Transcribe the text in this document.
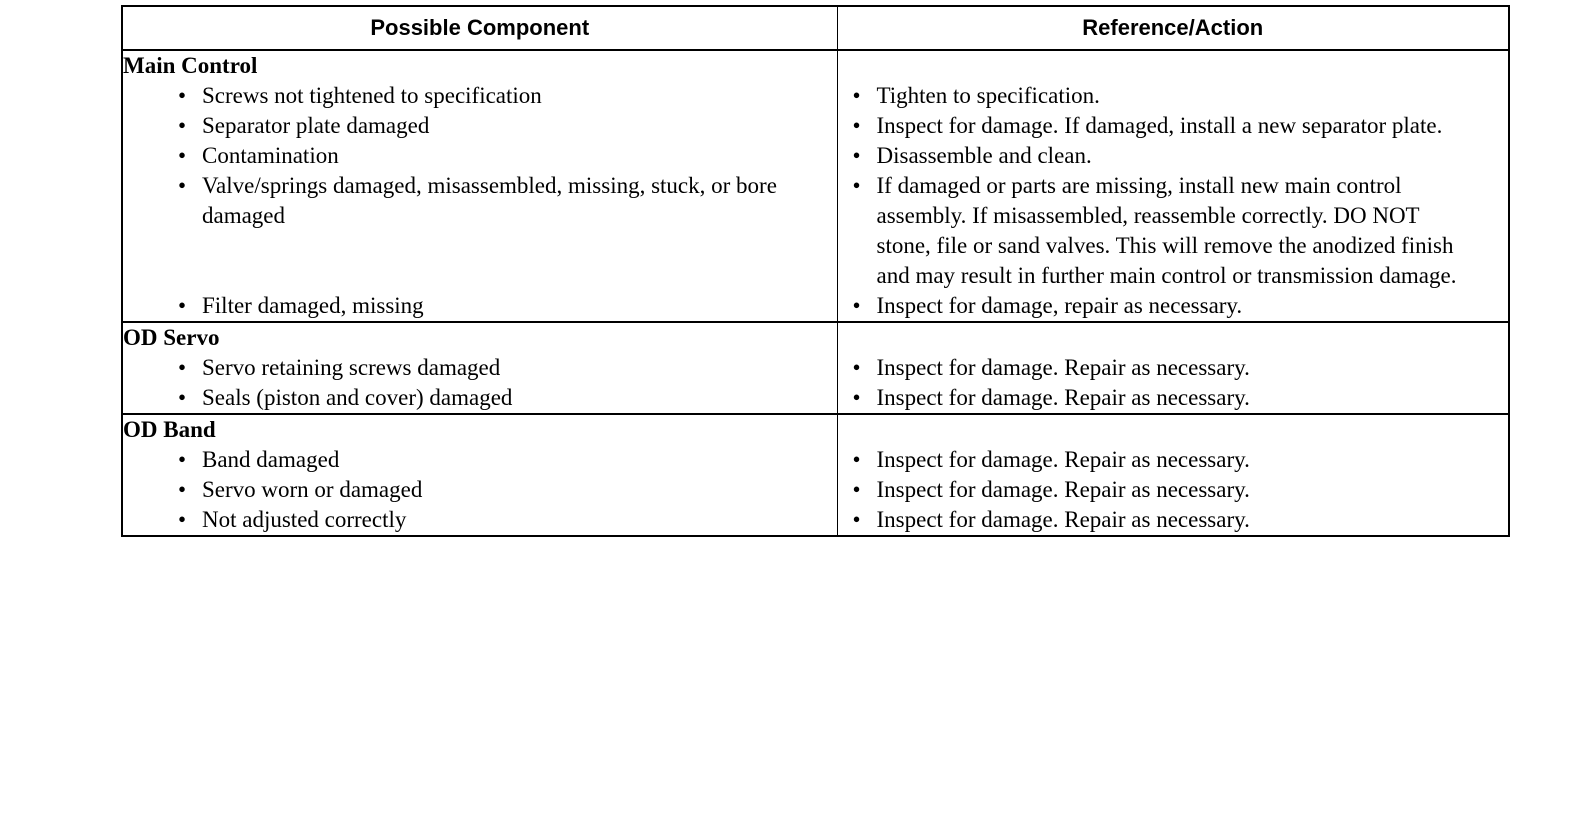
Possible Component	Reference/Action
Main Control	

• Screws not tightened to specification	• Tighten to specification.

• Separator plate damaged	• Inspect for damage. If damaged, install a new separator plate.

• Contamination	• Disassemble and clean.

• Valve/springs damaged, misassembled, missing, stuck, or bore damaged	• If damaged or parts are missing, install new main control assembly. If misassembled, reassemble correctly. DO NOT stone, file or sand valves. This will remove the anodized finish and may result in further main control or transmission damage.

• Filter damaged, missing	• Inspect for damage, repair as necessary.

OD Servo	

• Servo retaining screws damaged	• Inspect for damage. Repair as necessary.

• Seals (piston and cover) damaged	• Inspect for damage. Repair as necessary.

OD Band	

• Band damaged	• Inspect for damage. Repair as necessary.

• Servo worn or damaged	• Inspect for damage. Repair as necessary.

• Not adjusted correctly	• Inspect for damage. Repair as necessary.
